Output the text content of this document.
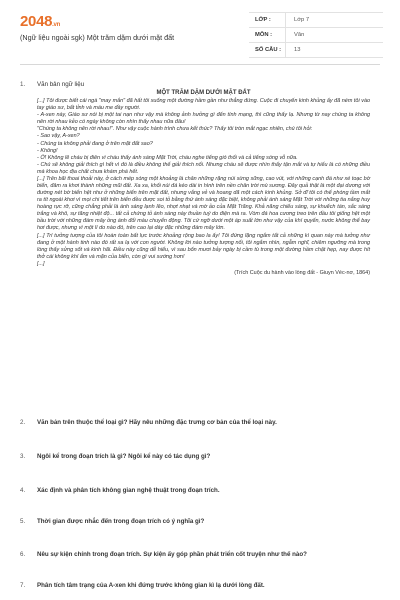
2048.vn
(Ngữ liệu ngoài sgk) Một trăm dặm dưới mặt đất
LỚP :	Lớp 7
MÔN :	Văn
SỐ CÂU :	13
1. Văn bản ngữ liệu
MỘT TRĂM DẶM DƯỚI MẶT ĐẤT

[...] Tôi được biết cái ngà "may mắn" đã hất tôi xuống một đường hầm gần như thẳng đứng. Cuộc đi chuyến kinh khủng ấy đã ném tôi vào tay giáo sư, bất tỉnh và máu me đầy người.

- A-xen này, Giáo sư nói bị một tai nạn như vậy mà không ảnh hưởng gì đến tính mạng, thì cũng thấy lạ. Nhưng từ nay chúng ta không nên rời nhau kẻo có ngày không còn nhìn thấy nhau nữa đâu!

"Chúng ta không nên rời nhau!". Như vậy cuộc hành trình chưa kết thúc? Thấy tôi tròn mắt ngạc nhiên, chú tôi hỏi:

- Sao vậy, A-xen?

- Chúng ta không phải đang ở trên mặt đất sao?

- Không!

- Ở! Không lẽ cháu bị điên vì cháu thấy ánh sáng Mặt Trời, cháu nghe tiếng gió thổi và cả tiếng sóng vỗ nữa.

- Chú sẽ không giải thích gì hết vì đó là điều không thể giải thích nổi. Nhưng cháu sẽ được nhìn thấy tận mắt và tự hiểu là có những điều mà khoa học địa chất chưa khám phá hết.

[...] Trên bãi thoai thoải này, ở cách mép sóng một khoảng là chân những rặng núi sừng sững, cao vút, với những cạnh đá như xé toạc bờ biển, đâm ra khơi thành những mũi đất. Xa xa, khối núi đá kéo dài in hình trên nền chân trời mù sương. Đây quả thật là một đại dương với đường nét bờ biển hệt như ở những biển trên mặt đất, nhưng vắng vẻ và hoang dã một cách kinh khủng. Sở dĩ tôi có thể phóng tầm mắt ra tít ngoài khơi vì mọi chi tiết trên biển đều được soi tỏ bằng thứ ánh sáng đặc biệt, không phải ánh sáng Mặt Trời với những tia nắng huy hoàng rực rỡ, cũng chẳng phải là ánh sáng lạnh lẽo, nhợt nhạt và mờ ảo của Mặt Trăng. Khả năng chiếu sáng, sự khuếch tán, sắc sáng trắng và khô, sự tăng nhiệt độ... tất cả chứng tỏ ánh sáng này thuần tuý do điện mà ra. Vòm đá hoa cương treo trên đầu tôi giống hệt một bầu trời với những đám mây ồng ánh đổi màu chuyển động. Tôi cứ ngỡ dưới một áp suất lớn như vậy của khí quyển, nước không thể bay hơi được, nhưng vì một lí do nào đó, trên cao lại dày đặc những đám mây lớn.

[...] Trí tưởng tượng của tôi hoàn toàn bất lực trước khoảng rộng bao la ấy! Tôi đứng lặng ngắm tất cả những kì quan này mà tưởng như đang ở một hành tinh nào đó rất xa lạ với con người. Không lời nào tưởng tượng nổi, tôi ngắm nhìn, ngẫm nghĩ, chiêm ngưỡng mà trong lòng thấy sửng sốt và kinh hãi. Điều này cũng dễ hiểu, vì sau bốn mươi bảy ngày bị cầm tù trong một đường hầm chật hẹp, nay được hít thở cái không khí ẩm và mặn của biển, còn gì vui sướng hơn!

[...]

(Trích Cuộc du hành vào lòng đất - Giuyn Véc-nơ, 1864)
2. Văn bản trên thuộc thể loại gì? Hãy nêu những đặc trưng cơ bản của thể loại này.
3. Ngôi kể trong đoạn trích là gì? Ngôi kể này có tác dụng gì?
4. Xác định và phân tích không gian nghệ thuật trong đoạn trích.
5. Thời gian được nhắc đến trong đoạn trích có ý nghĩa gì?
6. Nêu sự kiện chính trong đoạn trích. Sự kiện ấy góp phần phát triển cốt truyện như thế nào?
7. Phân tích tâm trạng của A-xen khi đứng trước không gian kì lạ dưới lòng đất.
